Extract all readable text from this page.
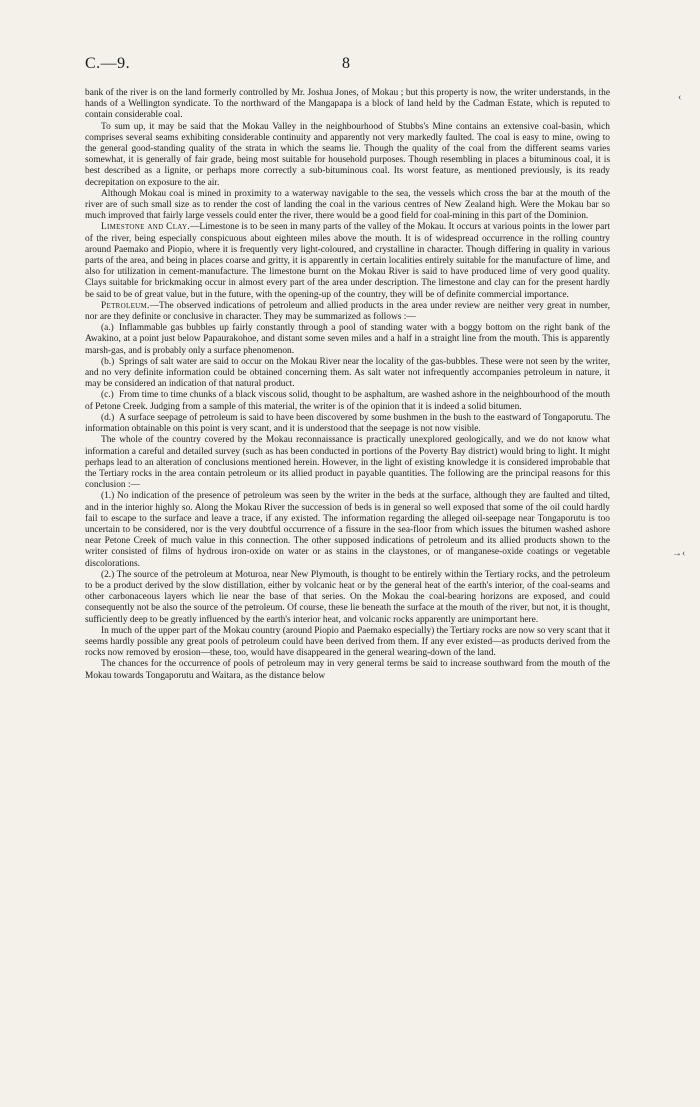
C.—9.	8
‹
→‹

bank of the river is on the land formerly controlled by Mr. Joshua Jones, of Mokau ; but this property is now, the writer understands, in the hands of a Wellington syndicate. To the northward of the Mangapapa is a block of land held by the Cadman Estate, which is reputed to contain considerable coal.

To sum up, it may be said that the Mokau Valley in the neighbourhood of Stubbs's Mine contains an extensive coal-basin, which comprises several seams exhibiting considerable continuity and apparently not very markedly faulted. The coal is easy to mine, owing to the general good-standing quality of the strata in which the seams lie. Though the quality of the coal from the different seams varies somewhat, it is generally of fair grade, being most suitable for household purposes. Though resembling in places a bituminous coal, it is best described as a lignite, or perhaps more correctly a sub-bituminous coal. Its worst feature, as mentioned previously, is its ready decrepitation on exposure to the air.

Although Mokau coal is mined in proximity to a waterway navigable to the sea, the vessels which cross the bar at the mouth of the river are of such small size as to render the cost of landing the coal in the various centres of New Zealand high. Were the Mokau bar so much improved that fairly large vessels could enter the river, there would be a good field for coal-mining in this part of the Dominion.

Limestone and Clay.—Limestone is to be seen in many parts of the valley of the Mokau. It occurs at various points in the lower part of the river, being especially conspicuous about eighteen miles above the mouth. It is of widespread occurrence in the rolling country around Paemako and Piopio, where it is frequently very light-coloured, and crystalline in character. Though differing in quality in various parts of the area, and being in places coarse and gritty, it is apparently in certain localities entirely suitable for the manufacture of lime, and also for utilization in cement-manufacture. The limestone burnt on the Mokau River is said to have produced lime of very good quality. Clays suitable for brickmaking occur in almost every part of the area under description. The limestone and clay can for the present hardly be said to be of great value, but in the future, with the opening-up of the country, they will be of definite commercial importance.

Petroleum.—The observed indications of petroleum and allied products in the area under review are neither very great in number, nor are they definite or conclusive in character. They may be summarized as follows :—

(a.) Inflammable gas bubbles up fairly constantly through a pool of standing water with a boggy bottom on the right bank of the Awakino, at a point just below Papaurakohoe, and distant some seven miles and a half in a straight line from the mouth. This is apparently marsh-gas, and is probably only a surface phenomenon.

(b.) Springs of salt water are said to occur on the Mokau River near the locality of the gas-bubbles. These were not seen by the writer, and no very definite information could be obtained concerning them. As salt water not infrequently accompanies petroleum in nature, it may be considered an indication of that natural product.

(c.) From time to time chunks of a black viscous solid, thought to be asphaltum, are washed ashore in the neighbourhood of the mouth of Petone Creek. Judging from a sample of this material, the writer is of the opinion that it is indeed a solid bitumen.

(d.) A surface seepage of petroleum is said to have been discovered by some bushmen in the bush to the eastward of Tongaporutu. The information obtainable on this point is very scant, and it is understood that the seepage is not now visible.

The whole of the country covered by the Mokau reconnaissance is practically unexplored geologically, and we do not know what information a careful and detailed survey (such as has been conducted in portions of the Poverty Bay district) would bring to light. It might perhaps lead to an alteration of conclusions mentioned herein. However, in the light of existing knowledge it is considered improbable that the Tertiary rocks in the area contain petroleum or its allied product in payable quantities. The following are the principal reasons for this conclusion :—

(1.) No indication of the presence of petroleum was seen by the writer in the beds at the surface, although they are faulted and tilted, and in the interior highly so. Along the Mokau River the succession of beds is in general so well exposed that some of the oil could hardly fail to escape to the surface and leave a trace, if any existed. The information regarding the alleged oil-seepage near Tongaporutu is too uncertain to be considered, nor is the very doubtful occurrence of a fissure in the sea-floor from which issues the bitumen washed ashore near Petone Creek of much value in this connection. The other supposed indications of petroleum and its allied products shown to the writer consisted of films of hydrous iron-oxide on water or as stains in the claystones, or of manganese-oxide coatings or vegetable discolorations.

(2.) The source of the petroleum at Moturoa, near New Plymouth, is thought to be entirely within the Tertiary rocks, and the petroleum to be a product derived by the slow distillation, either by volcanic heat or by the general heat of the earth's interior, of the coal-seams and other carbonaceous layers which lie near the base of that series. On the Mokau the coal-bearing horizons are exposed, and could consequently not be also the source of the petroleum. Of course, these lie beneath the surface at the mouth of the river, but not, it is thought, sufficiently deep to be greatly influenced by the earth's interior heat, and volcanic rocks apparently are unimportant here.

In much of the upper part of the Mokau country (around Piopio and Paemako especially) the Tertiary rocks are now so very scant that it seems hardly possible any great pools of petroleum could have been derived from them. If any ever existed—as products derived from the rocks now removed by erosion—these, too, would have disappeared in the general wearing-down of the land.

The chances for the occurrence of pools of petroleum may in very general terms be said to increase southward from the mouth of the Mokau towards Tongaporutu and Waitara, as the distance below
